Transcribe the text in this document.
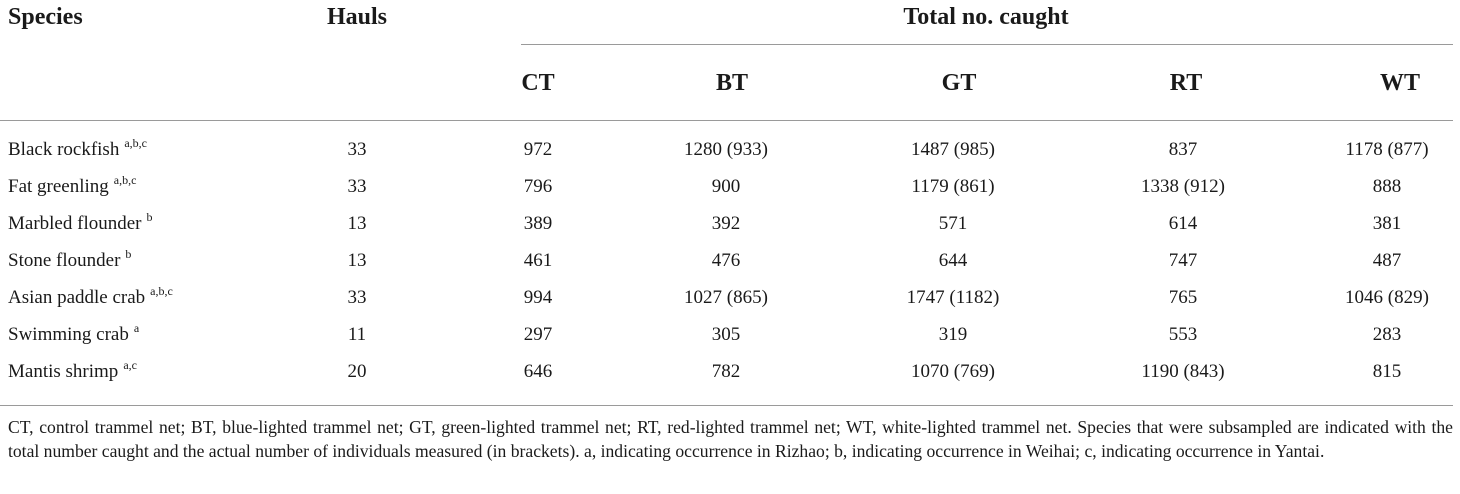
Species	Hauls	Total no. caught
CT	BT	GT	RT	WT
Black rockfish $^{a,b,c}$	33	972	1280 (933)	1487 (985)	837	1178 (877)
Fat greenling $^{a,b,c}$	33	796	900	1179 (861)	1338 (912)	888
Marbled flounder $^b$	13	389	392	571	614	381
Stone flounder $^b$	13	461	476	644	747	487
Asian paddle crab $^{a,b,c}$	33	994	1027 (865)	1747 (1182)	765	1046 (829)
Swimming crab $^a$	11	297	305	319	553	283
Mantis shrimp $^{a,c}$	20	646	782	1070 (769)	1190 (843)	815
CT, control trammel net; BT, blue-lighted trammel net; GT, green-lighted trammel net; RT, red-lighted trammel net; WT, white-lighted trammel net. Species that were subsampled are indicated with the total number caught and the actual number of individuals measured (in brackets). a, indicating occurrence in Rizhao; b, indicating occurrence in Weihai; c, indicating occurrence in Yantai.
